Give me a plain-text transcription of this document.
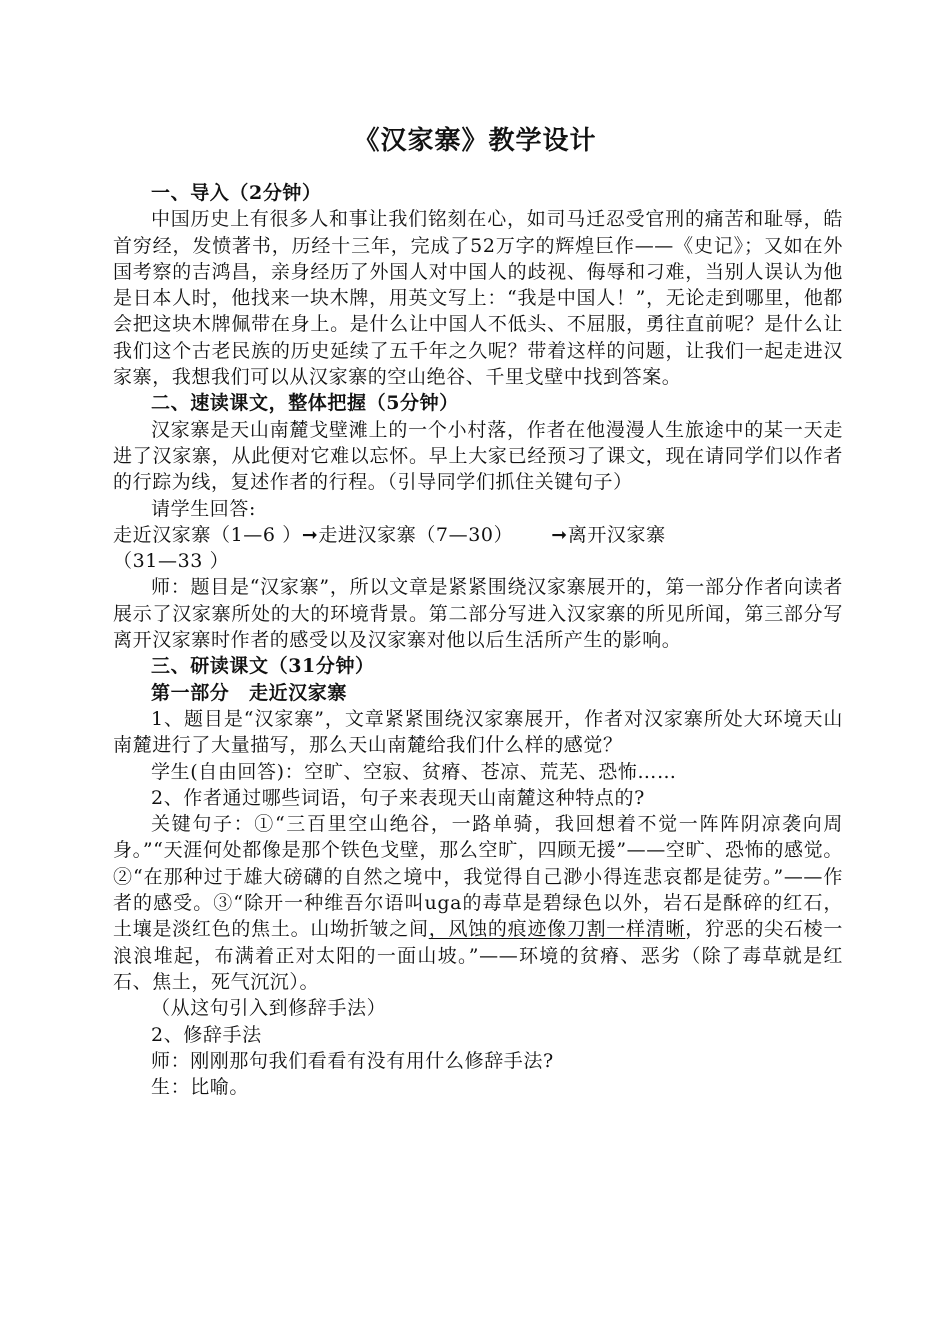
《汉家寨》教学设计

一、导入（2分钟）

中国历史上有很多人和事让我们铭刻在心，如司马迁忍受官刑的痛苦和耻辱，皓首穷经，发愤著书，历经十三年，完成了52万字的辉煌巨作——《史记》；又如在外国考察的吉鸿昌，亲身经历了外国人对中国人的歧视、侮辱和刁难，当别人误认为他是日本人时，他找来一块木牌，用英文写上：“我是中国人！”，无论走到哪里，他都会把这块木牌佩带在身上。是什么让中国人不低头、不屈服，勇往直前呢？是什么让我们这个古老民族的历史延续了五千年之久呢？带着这样的问题，让我们一起走进汉家寨，我想我们可以从汉家寨的空山绝谷、千里戈壁中找到答案。

二、速读课文，整体把握（5分钟）

汉家寨是天山南麓戈壁滩上的一个小村落，作者在他漫漫人生旅途中的某一天走进了汉家寨，从此便对它难以忘怀。早上大家已经预习了课文，现在请同学们以作者的行踪为线，复述作者的行程。（引导同学们抓住关键句子）

请学生回答:

走近汉家寨（1—6 ）➞走进汉家寨（7—30） ➞离开汉家寨

（31—33 ）

师：题目是“汉家寨”，所以文章是紧紧围绕汉家寨展开的，第一部分作者向读者展示了汉家寨所处的大的环境背景。第二部分写进入汉家寨的所见所闻，第三部分写离开汉家寨时作者的感受以及汉家寨对他以后生活所产生的影响。

三、研读课文（31分钟）

第一部分　走近汉家寨

1、题目是“汉家寨”，文章紧紧围绕汉家寨展开，作者对汉家寨所处大环境天山南麓进行了大量描写，那么天山南麓给我们什么样的感觉？

学生(自由回答)：空旷、空寂、贫瘠、苍凉、荒芜、恐怖……

2、作者通过哪些词语，句子来表现天山南麓这种特点的?

关键句子：①“三百里空山绝谷，一路单骑，我回想着不觉一阵阵阴凉袭向周身。”“天涯何处都像是那个铁色戈壁，那么空旷，四顾无援”——空旷、恐怖的感觉。②“在那种过于雄大磅礴的自然之境中，我觉得自己渺小得连悲哀都是徒劳。”——作者的感受。③“除开一种维吾尔语叫uga的毒草是碧绿色以外，岩石是酥碎的红石，土壤是淡红色的焦土。山坳折皱之间，风蚀的痕迹像刀割一样清晰，狞恶的尖石棱一浪浪堆起，布满着正对太阳的一面山坡。”——环境的贫瘠、恶劣（除了毒草就是红石、焦土，死气沉沉）。

（从这句引入到修辞手法）

2、修辞手法

师：刚刚那句我们看看有没有用什么修辞手法?

生：比喻。
